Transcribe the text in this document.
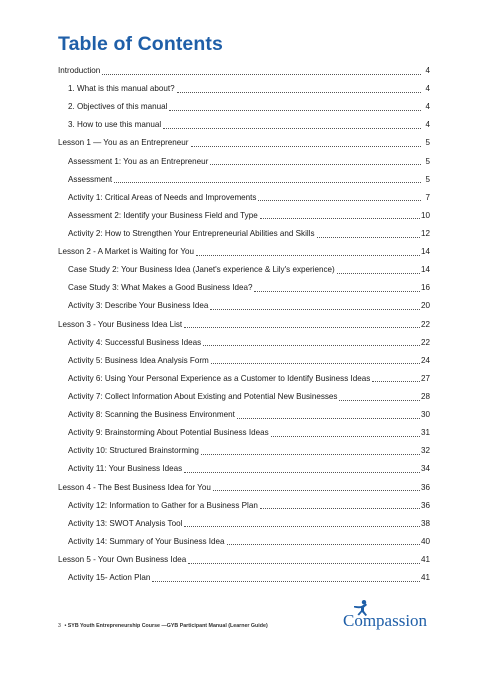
Table of Contents
Introduction	4
1. What is this manual about?	4
2. Objectives of this manual	4
3. How to use this manual	4
Lesson 1 — You as an Entrepreneur	5
Assessment 1: You as an Entrepreneur	5
Assessment	5
Activity 1: Critical Areas of Needs and Improvements	7
Assessment 2: Identify your Business Field and Type	10
Activity 2: How to Strengthen Your Entrepreneurial Abilities and Skills	12
Lesson 2 - A Market is Waiting for You	14
Case Study 2: Your Business Idea (Janet's experience & Lily's experience)	14
Case Study 3: What Makes a Good Business Idea?	16
Activity 3: Describe Your Business Idea	20
Lesson 3 - Your Business Idea List	22
Activity 4: Successful Business Ideas	22
Activity 5: Business Idea Analysis Form	24
Activity 6: Using Your Personal Experience as a Customer to Identify Business Ideas	27
Activity 7: Collect Information About Existing and Potential New Businesses	28
Activity 8: Scanning the Business Environment	30
Activity 9: Brainstorming About Potential Business Ideas	31
Activity 10: Structured Brainstorming	32
Activity 11: Your Business Ideas	34
Lesson 4 - The Best Business Idea for You	36
Activity 12: Information to Gather for a Business Plan	36
Activity 13: SWOT Analysis Tool	38
Activity 14: Summary of Your Business Idea	40
Lesson 5 - Your Own Business Idea	41
Activity 15- Action Plan	41
3 • SYB Youth Entrepreneurship Course —GYB Participant Manual (Learner Guide)	Compassion
